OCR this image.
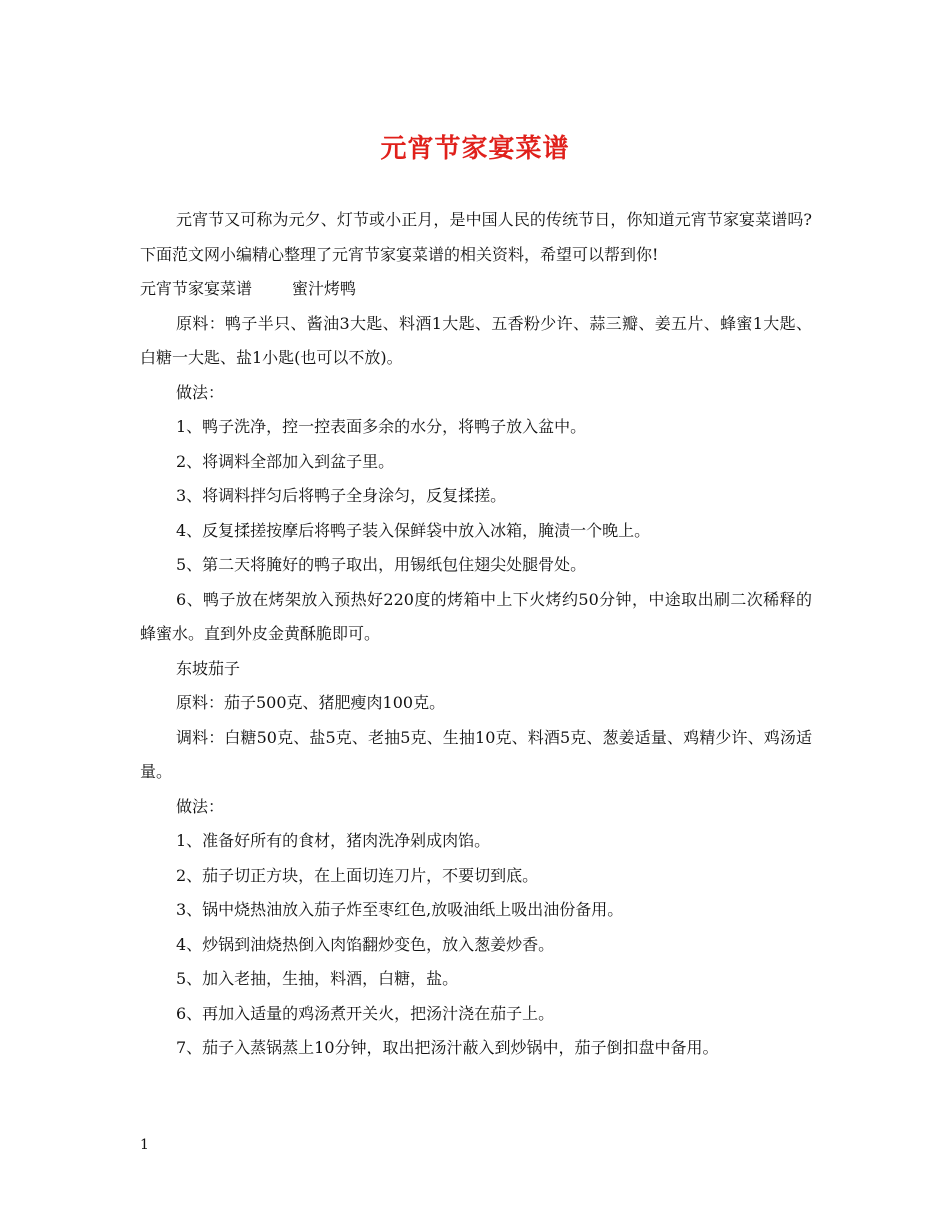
元宵节家宴菜谱

元宵节又可称为元夕、灯节或小正月，是中国人民的传统节日，你知道元宵节家宴菜谱吗?下面范文网小编精心整理了元宵节家宴菜谱的相关资料，希望可以帮到你!

元宵节家宴菜谱	蜜汁烤鸭

原料：鸭子半只、酱油3大匙、料酒1大匙、五香粉少许、蒜三瓣、姜五片、蜂蜜1大匙、白糖一大匙、盐1小匙(也可以不放)。

做法：

1、鸭子洗净，控一控表面多余的水分，将鸭子放入盆中。

2、将调料全部加入到盆子里。

3、将调料拌匀后将鸭子全身涂匀，反复揉搓。

4、反复揉搓按摩后将鸭子装入保鲜袋中放入冰箱，腌渍一个晚上。

5、第二天将腌好的鸭子取出，用锡纸包住翅尖处腿骨处。

6、鸭子放在烤架放入预热好220度的烤箱中上下火烤约50分钟，中途取出刷二次稀释的蜂蜜水。直到外皮金黄酥脆即可。

东坡茄子

原料：茄子500克、猪肥瘦肉100克。

调料：白糖50克、盐5克、老抽5克、生抽10克、料酒5克、葱姜适量、鸡精少许、鸡汤适量。

做法：

1、准备好所有的食材，猪肉洗净剁成肉馅。

2、茄子切正方块，在上面切连刀片，不要切到底。

3、锅中烧热油放入茄子炸至枣红色,放吸油纸上吸出油份备用。

4、炒锅到油烧热倒入肉馅翻炒变色，放入葱姜炒香。

5、加入老抽，生抽，料酒，白糖，盐。

6、再加入适量的鸡汤煮开关火，把汤汁浇在茄子上。

7、茄子入蒸锅蒸上10分钟，取出把汤汁蔽入到炒锅中，茄子倒扣盘中备用。

1
